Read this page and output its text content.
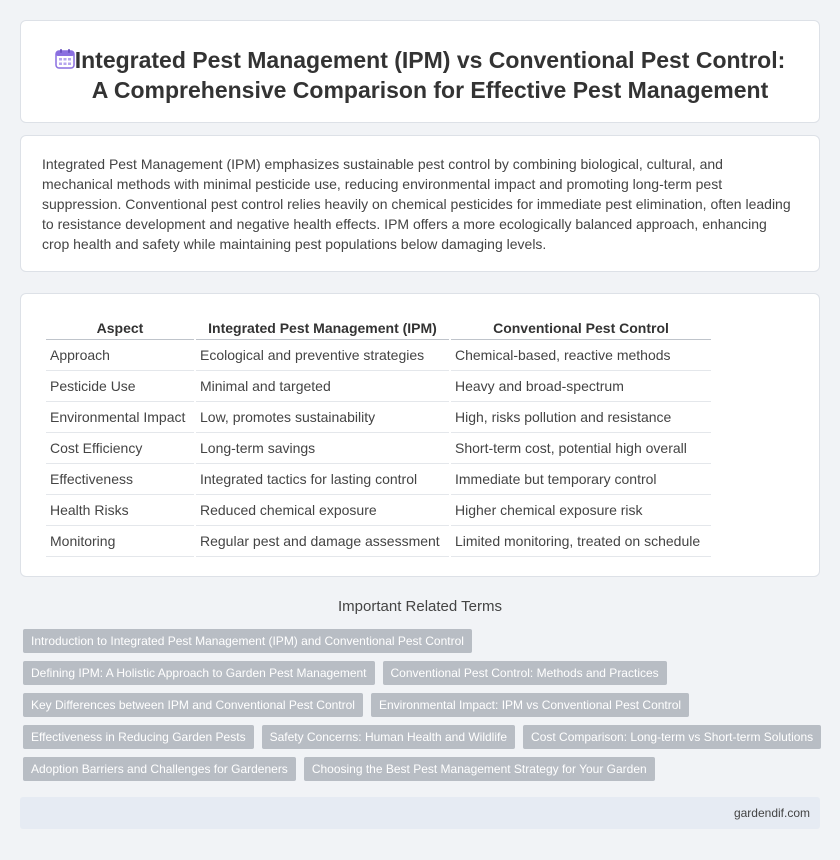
Integrated Pest Management (IPM) vs Conventional Pest Control:
A Comprehensive Comparison for Effective Pest Management

Integrated Pest Management (IPM) emphasizes sustainable pest control by combining biological, cultural, and mechanical methods with minimal pesticide use, reducing environmental impact and promoting long-term pest suppression. Conventional pest control relies heavily on chemical pesticides for immediate pest elimination, often leading to resistance development and negative health effects. IPM offers a more ecologically balanced approach, enhancing crop health and safety while maintaining pest populations below damaging levels.

Aspect	Integrated Pest Management (IPM)	Conventional Pest Control
Approach	Ecological and preventive strategies	Chemical-based, reactive methods
Pesticide Use	Minimal and targeted	Heavy and broad-spectrum
Environmental Impact	Low, promotes sustainability	High, risks pollution and resistance
Cost Efficiency	Long-term savings	Short-term cost, potential high overall
Effectiveness	Integrated tactics for lasting control	Immediate but temporary control
Health Risks	Reduced chemical exposure	Higher chemical exposure risk
Monitoring	Regular pest and damage assessment	Limited monitoring, treated on schedule
Important Related Terms
Introduction to Integrated Pest Management (IPM) and Conventional Pest Control
Defining IPM: A Holistic Approach to Garden Pest Management	Conventional Pest Control: Methods and Practices
Key Differences between IPM and Conventional Pest Control	Environmental Impact: IPM vs Conventional Pest Control
Effectiveness in Reducing Garden Pests	Safety Concerns: Human Health and Wildlife	Cost Comparison: Long-term vs Short-term Solutions
Adoption Barriers and Challenges for Gardeners	Choosing the Best Pest Management Strategy for Your Garden
gardendif.com
